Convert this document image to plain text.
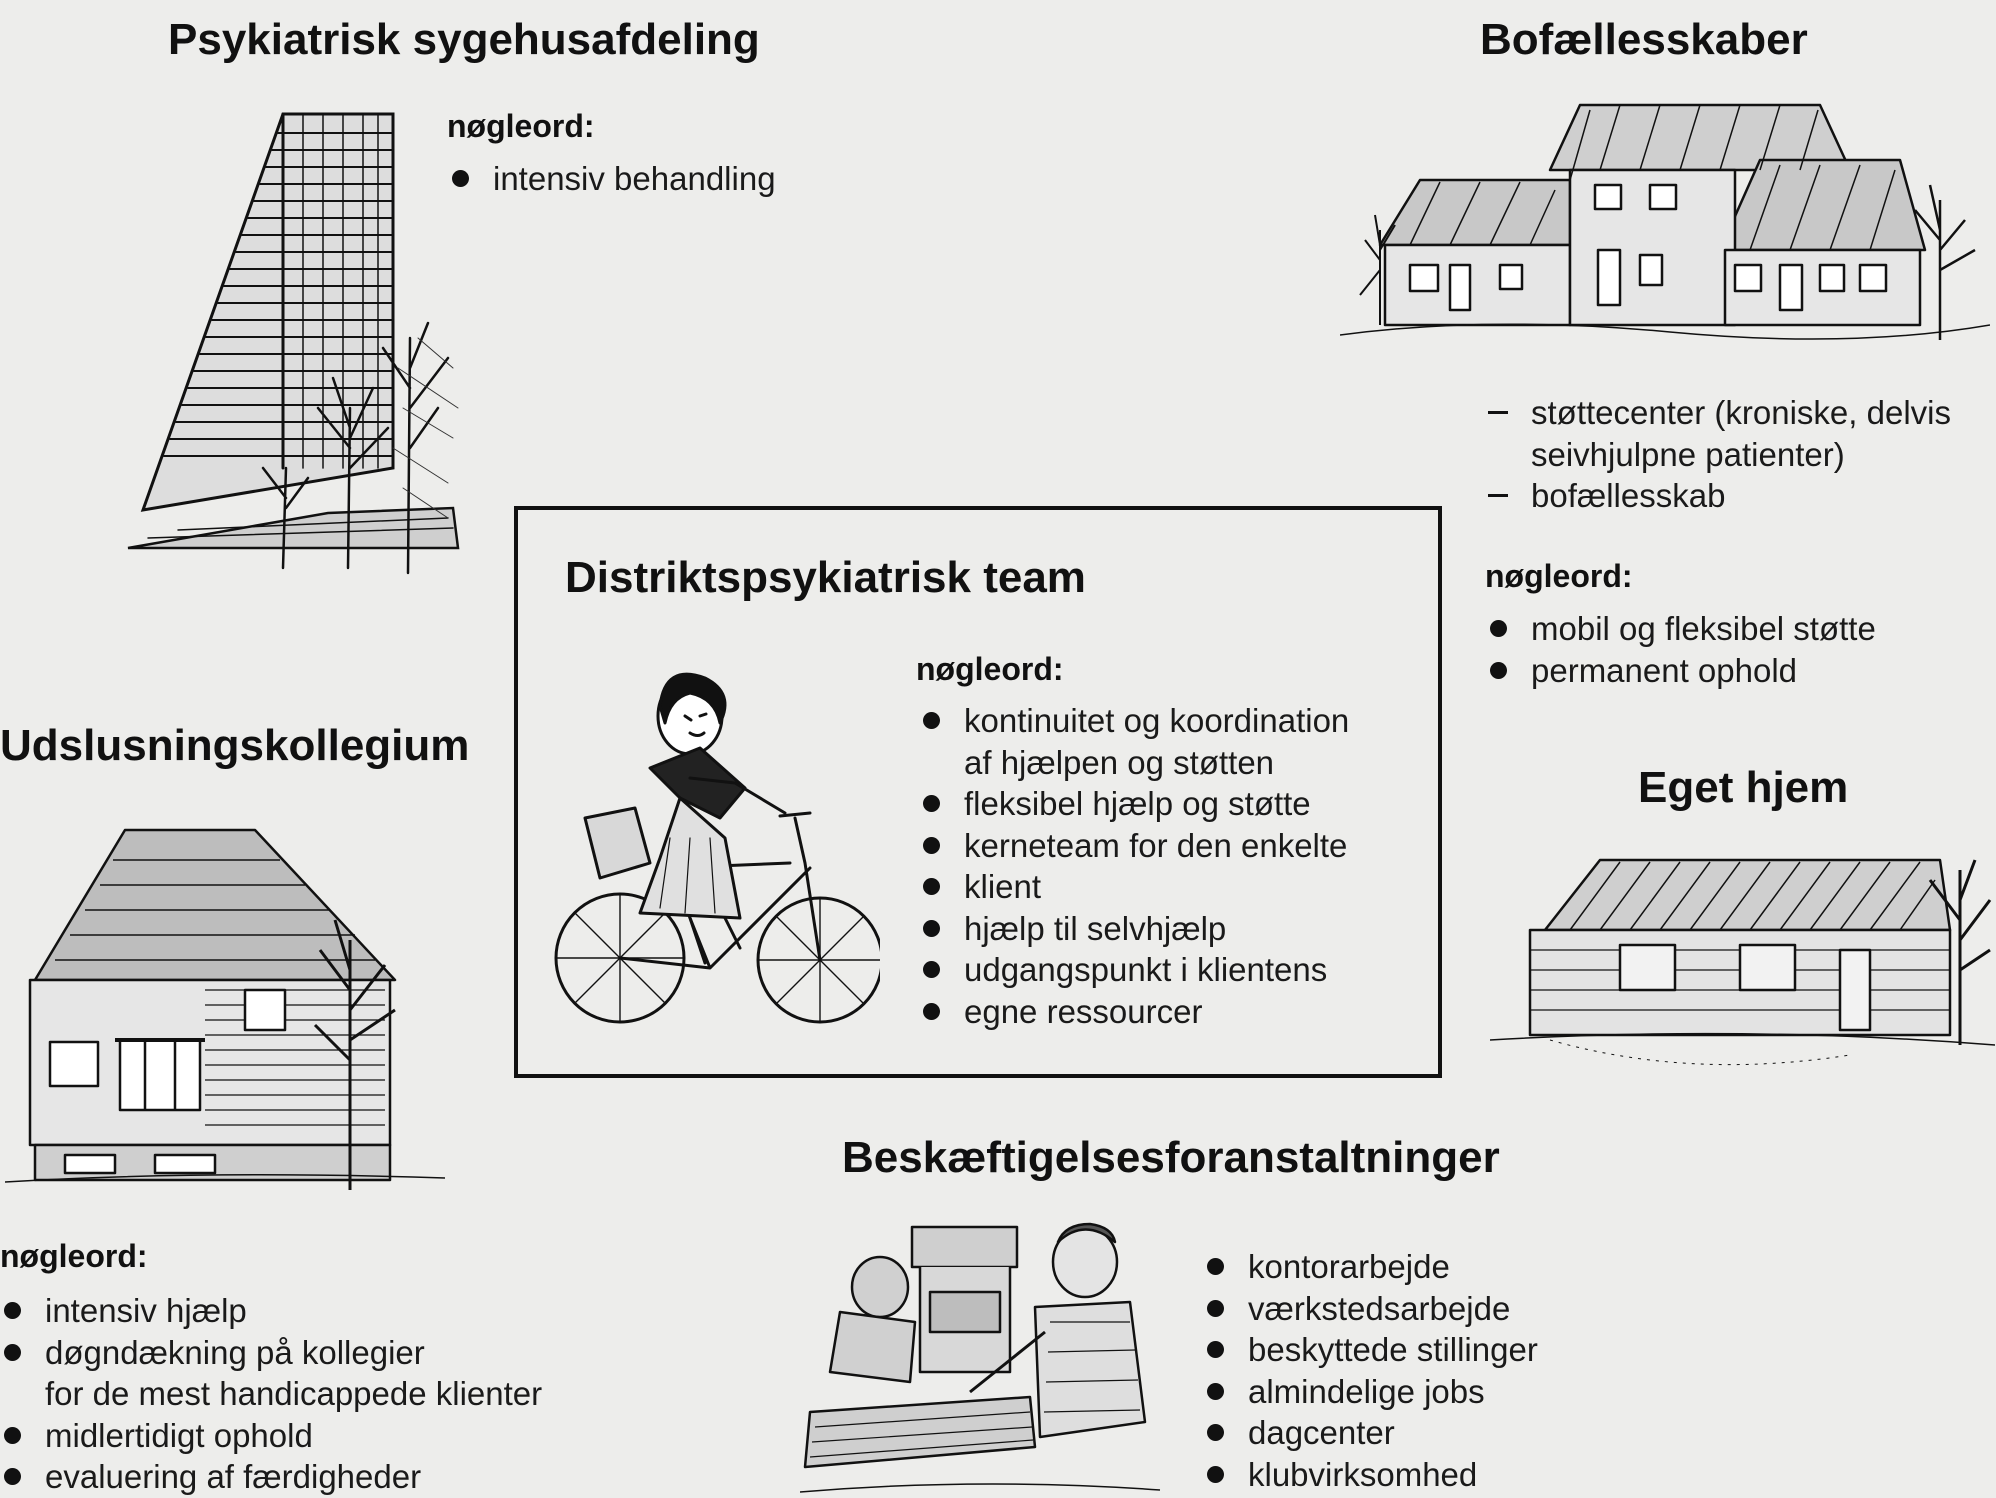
Psykiatrisk sygehusafdeling
nøgleord:
intensiv behandling
Bofællesskaber
støttecenter (kroniske, delvis
seivhjulpne patienter)
bofællesskab
nøgleord:
mobil og fleksibel støtte
permanent ophold
Distriktspsykiatrisk team
nøgleord:
kontinuitet og koordination
af hjælpen og støtten
fleksibel hjælp og støtte
kerneteam for den enkelte
klient
hjælp til selvhjælp
udgangspunkt i klientens
egne ressourcer
Udslusningskollegium
nøgleord:
intensiv hjælp
døgndækning på kollegier
for de mest handicappede klienter
midlertidigt ophold
evaluering af færdigheder
Eget hjem
Beskæftigelsesforanstaltninger
kontorarbejde
værkstedsarbejde
beskyttede stillinger
almindelige jobs
dagcenter
klubvirksomhed
